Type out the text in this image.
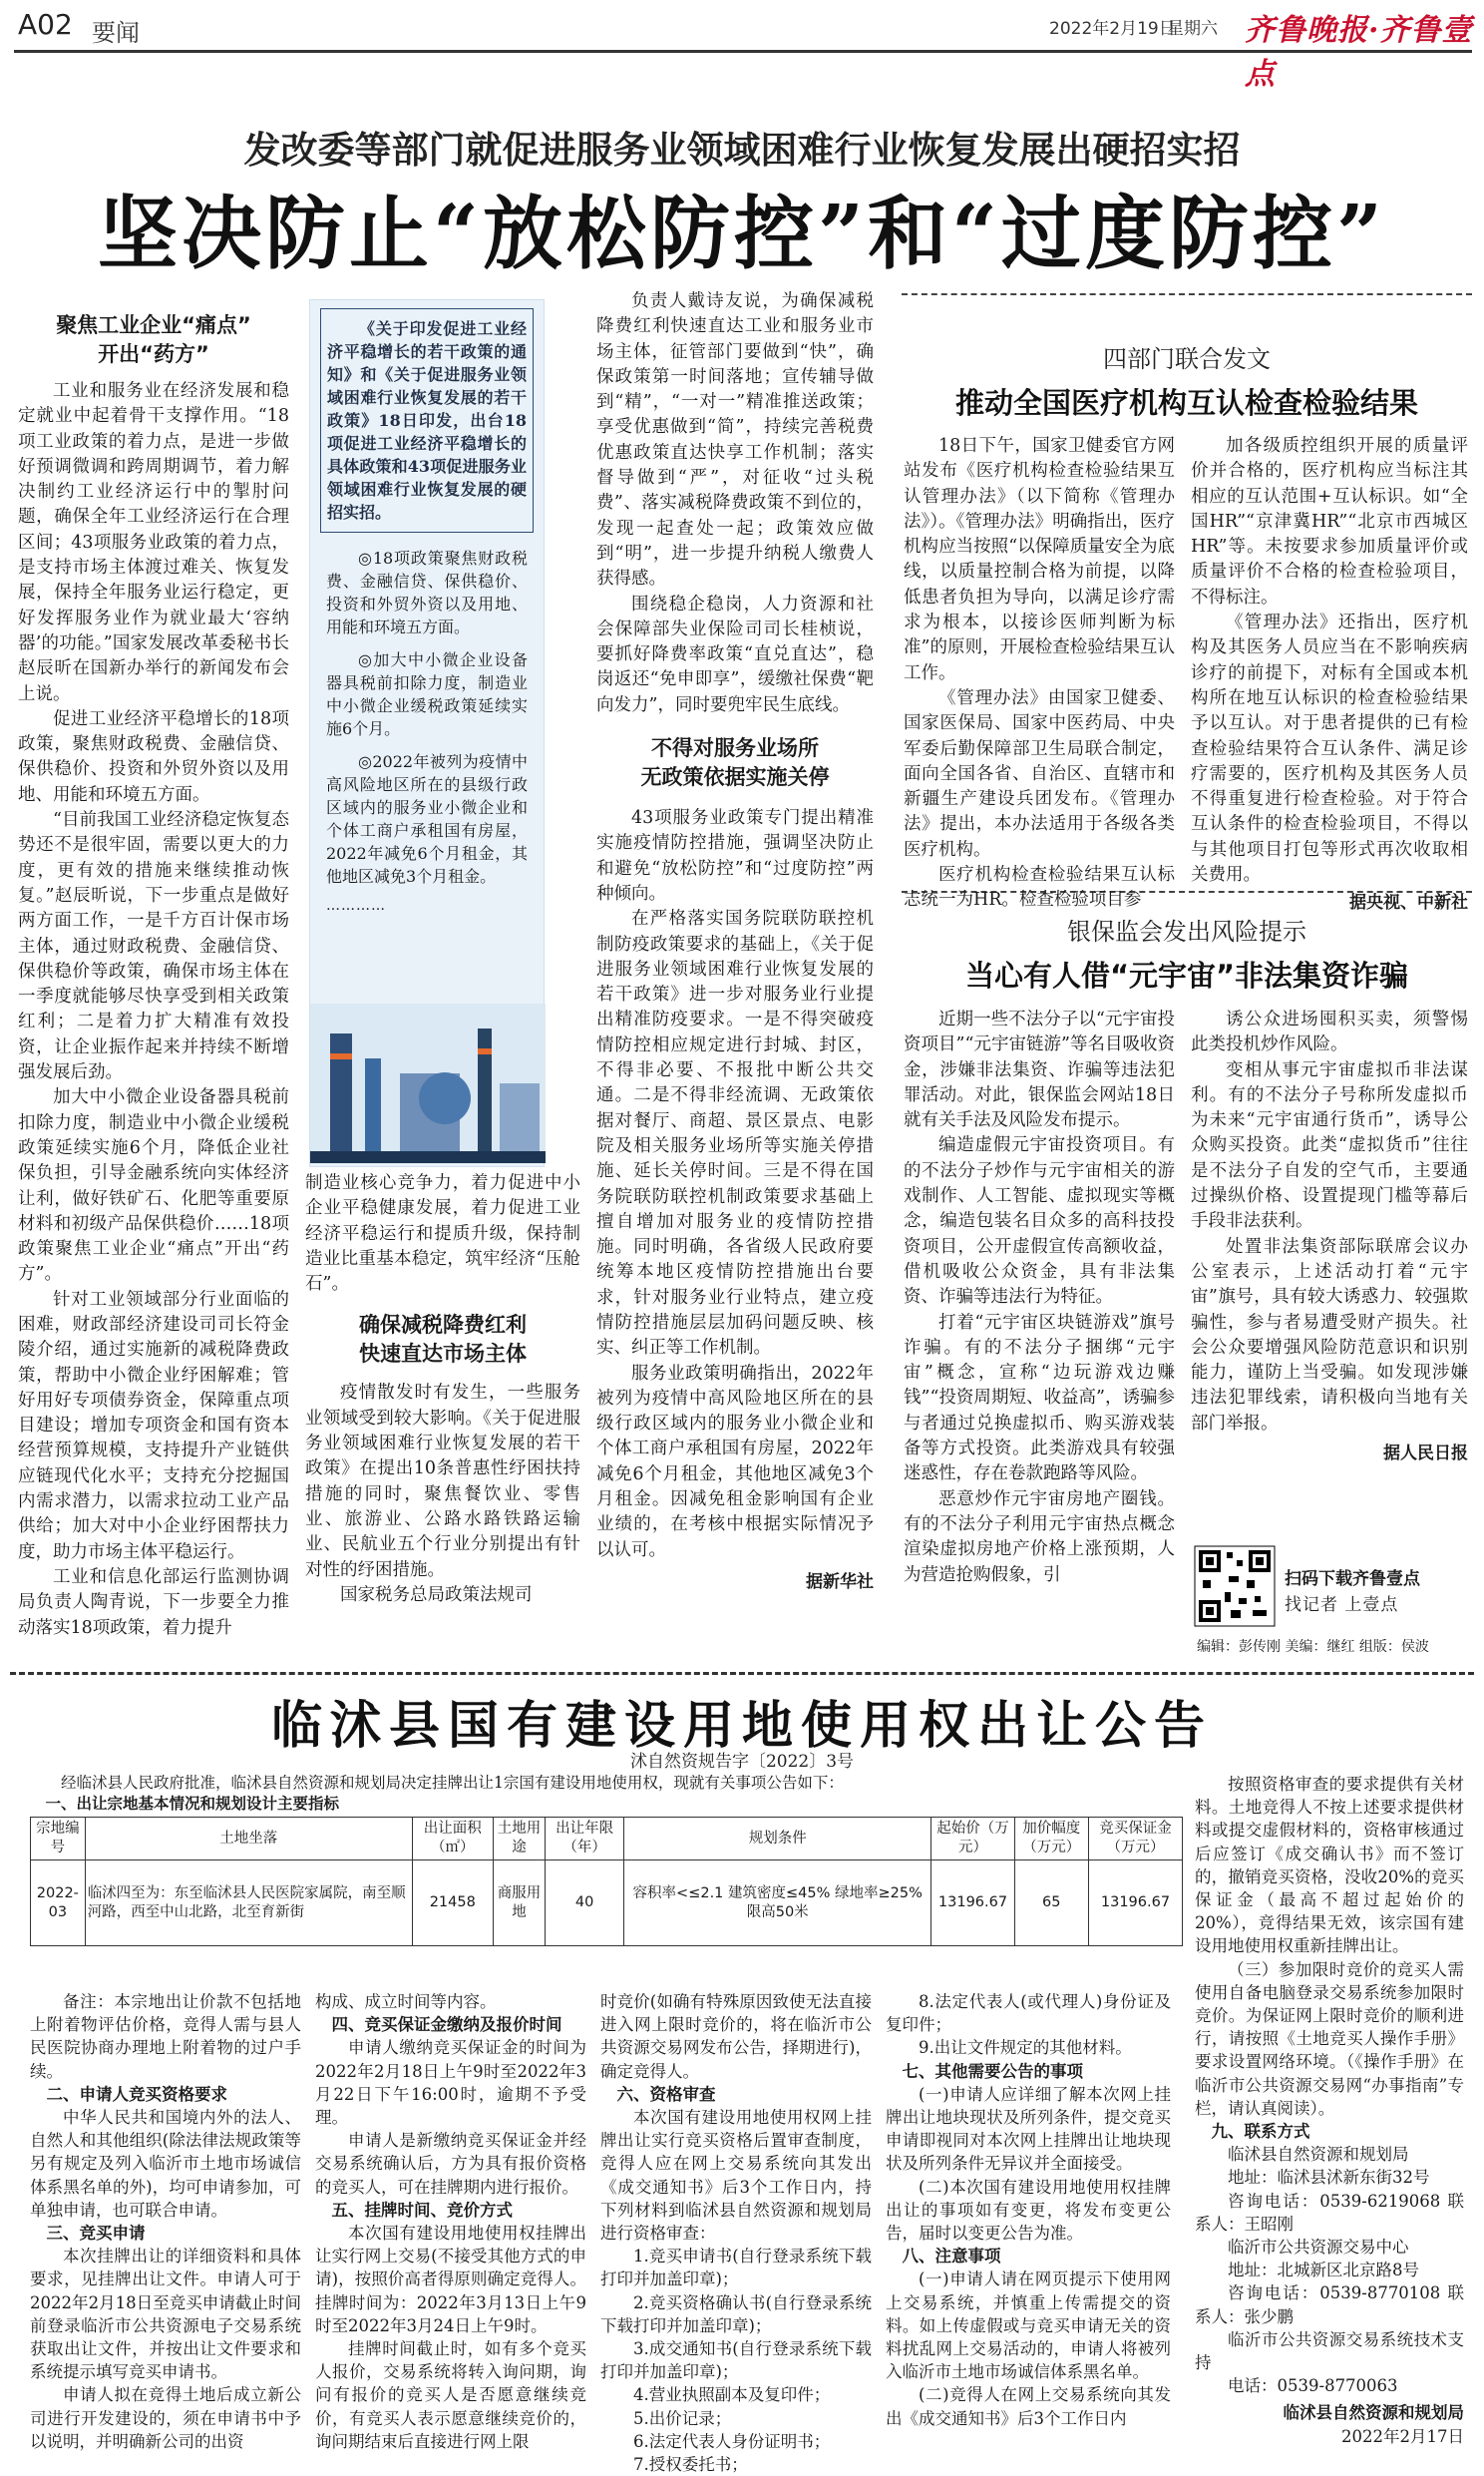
A02 要闻	2022年2月19日
星期六 齐鲁晚报·齐鲁壹点
发改委等部门就促进服务业领域困难行业恢复发展出硬招实招
坚决防止“放松防控”和“过度防控”
聚焦工业企业“痛点”
开出“药方”

工业和服务业在经济发展和稳定就业中起着骨干支撑作用。“18项工业政策的着力点，是进一步做好预调微调和跨周期调节，着力解决制约工业经济运行中的掣肘问题，确保全年工业经济运行在合理区间；43项服务业政策的着力点，是支持市场主体渡过难关、恢复发展，保持全年服务业运行稳定，更好发挥服务业作为就业最大‘容纳器’的功能。”国家发展改革委秘书长赵辰昕在国新办举行的新闻发布会上说。

促进工业经济平稳增长的18项政策，聚焦财政税费、金融信贷、保供稳价、投资和外贸外资以及用地、用能和环境五方面。

“目前我国工业经济稳定恢复态势还不是很牢固，需要以更大的力度，更有效的措施来继续推动恢复。”赵辰昕说，下一步重点是做好两方面工作，一是千方百计保市场主体，通过财政税费、金融信贷、保供稳价等政策，确保市场主体在一季度就能够尽快享受到相关政策红利；二是着力扩大精准有效投资，让企业振作起来并持续不断增强发展后劲。

加大中小微企业设备器具税前扣除力度，制造业中小微企业缓税政策延续实施6个月，降低企业社保负担，引导金融系统向实体经济让利，做好铁矿石、化肥等重要原材料和初级产品保供稳价……18项政策聚焦工业企业“痛点”开出“药方”。

针对工业领域部分行业面临的困难，财政部经济建设司司长符金陵介绍，通过实施新的减税降费政策，帮助中小微企业纾困解难；管好用好专项债券资金，保障重点项目建设；增加专项资金和国有资本经营预算规模，支持提升产业链供应链现代化水平；支持充分挖掘国内需求潜力，以需求拉动工业产品供给；加大对中小企业纾困帮扶力度，助力市场主体平稳运行。

工业和信息化部运行监测协调局负责人陶青说，下一步要全力推动落实18项政策，着力提升

《关于印发促进工业经济平稳增长的若干政策的通知》和《关于促进服务业领域困难行业恢复发展的若干政策》18日印发，出台18项促进工业经济平稳增长的具体政策和43项促进服务业领域困难行业恢复发展的硬招实招。

◎18项政策聚焦财政税费、金融信贷、保供稳价、投资和外贸外资以及用地、用能和环境五方面。

◎加大中小微企业设备器具税前扣除力度，制造业中小微企业缓税政策延续实施6个月。

◎2022年被列为疫情中高风险地区所在的县级行政区域内的服务业小微企业和个体工商户承租国有房屋，2022年减免6个月租金，其他地区减免3个月租金。

…………

制造业核心竞争力，着力促进中小企业平稳健康发展，着力促进工业经济平稳运行和提质升级，保持制造业比重基本稳定，筑牢经济“压舱石”。

确保减税降费红利
快速直达市场主体

疫情散发时有发生，一些服务业领域受到较大影响。《关于促进服务业领域困难行业恢复发展的若干政策》在提出10条普惠性纾困扶持措施的同时，聚焦餐饮业、零售业、旅游业、公路水路铁路运输业、民航业五个行业分别提出有针对性的纾困措施。

国家税务总局政策法规司

负责人戴诗友说，为确保减税降费红利快速直达工业和服务业市场主体，征管部门要做到“快”，确保政策第一时间落地；宣传辅导做到“精”，“一对一”精准推送政策；享受优惠做到“简”，持续完善税费优惠政策直达快享工作机制；落实督导做到“严”，对征收“过头税费”、落实减税降费政策不到位的，发现一起查处一起；政策效应做到“明”，进一步提升纳税人缴费人获得感。

围绕稳企稳岗，人力资源和社会保障部失业保险司司长桂桢说，要抓好降费率政策“直兑直达”，稳岗返还“免申即享”，缓缴社保费“靶向发力”，同时要兜牢民生底线。

不得对服务业场所
无政策依据实施关停

43项服务业政策专门提出精准实施疫情防控措施，强调坚决防止和避免“放松防控”和“过度防控”两种倾向。

在严格落实国务院联防联控机制防疫政策要求的基础上，《关于促进服务业领域困难行业恢复发展的若干政策》进一步对服务业行业提出精准防疫要求。一是不得突破疫情防控相应规定进行封城、封区，不得非必要、不报批中断公共交通。二是不得非经流调、无政策依据对餐厅、商超、景区景点、电影院及相关服务业场所等实施关停措施、延长关停时间。三是不得在国务院联防联控机制政策要求基础上擅自增加对服务业的疫情防控措施。同时明确，各省级人民政府要统筹本地区疫情防控措施出台要求，针对服务业行业特点，建立疫情防控措施层层加码问题反映、核实、纠正等工作机制。

服务业政策明确指出，2022年被列为疫情中高风险地区所在的县级行政区域内的服务业小微企业和个体工商户承租国有房屋，2022年减免6个月租金，其他地区减免3个月租金。因减免租金影响国有企业业绩的，在考核中根据实际情况予以认可。

据新华社
四部门联合发文
推动全国医疗机构互认检查检验结果

18日下午，国家卫健委官方网站发布《医疗机构检查检验结果互认管理办法》（以下简称《管理办法》）。《管理办法》明确指出，医疗机构应当按照“以保障质量安全为底线，以质量控制合格为前提，以降低患者负担为导向，以满足诊疗需求为根本，以接诊医师判断为标准”的原则，开展检查检验结果互认工作。

《管理办法》由国家卫健委、国家医保局、国家中医药局、中央军委后勤保障部卫生局联合制定，面向全国各省、自治区、直辖市和新疆生产建设兵团发布。《管理办法》提出，本办法适用于各级各类医疗机构。

医疗机构检查检验结果互认标志统一为HR。检查检验项目参

加各级质控组织开展的质量评价并合格的，医疗机构应当标注其相应的互认范围+互认标识。如“全国HR”“京津冀HR”“北京市西城区HR”等。未按要求参加质量评价或质量评价不合格的检查检验项目，不得标注。

《管理办法》还指出，医疗机构及其医务人员应当在不影响疾病诊疗的前提下，对标有全国或本机构所在地互认标识的检查检验结果予以互认。对于患者提供的已有检查检验结果符合互认条件、满足诊疗需要的，医疗机构及其医务人员不得重复进行检查检验。对于符合互认条件的检查检验项目，不得以与其他项目打包等形式再次收取相关费用。

据央视、中新社
银保监会发出风险提示
当心有人借“元宇宙”非法集资诈骗

近期一些不法分子以“元宇宙投资项目”“元宇宙链游”等名目吸收资金，涉嫌非法集资、诈骗等违法犯罪活动。对此，银保监会网站18日就有关手法及风险发布提示。

编造虚假元宇宙投资项目。有的不法分子炒作与元宇宙相关的游戏制作、人工智能、虚拟现实等概念，编造包装名目众多的高科技投资项目，公开虚假宣传高额收益，借机吸收公众资金，具有非法集资、诈骗等违法行为特征。

打着“元宇宙区块链游戏”旗号诈骗。有的不法分子捆绑“元宇宙”概念，宣称“边玩游戏边赚钱”“投资周期短、收益高”，诱骗参与者通过兑换虚拟币、购买游戏装备等方式投资。此类游戏具有较强迷惑性，存在卷款跑路等风险。

恶意炒作元宇宙房地产圈钱。有的不法分子利用元宇宙热点概念渲染虚拟房地产价格上涨预期，人为营造抢购假象，引

诱公众进场囤积买卖，须警惕此类投机炒作风险。

变相从事元宇宙虚拟币非法谋利。有的不法分子号称所发虚拟币为未来“元宇宙通行货币”，诱导公众购买投资。此类“虚拟货币”往往是不法分子自发的空气币，主要通过操纵价格、设置提现门槛等幕后手段非法获利。

处置非法集资部际联席会议办公室表示，上述活动打着“元宇宙”旗号，具有较大诱惑力、较强欺骗性，参与者易遭受财产损失。社会公众要增强风险防范意识和识别能力，谨防上当受骗。如发现涉嫌违法犯罪线索，请积极向当地有关部门举报。

据人民日报
扫码下载齐鲁壹点
找记者 上壹点
编辑：彭传刚 美编：继红 组版：侯波
临沭县国有建设用地使用权出让公告
沭自然资规告字〔2022〕3号

经临沭县人民政府批准，临沭县自然资源和规划局决定挂牌出让1宗国有建设用地使用权，现就有关事项公告如下：

一、出让宗地基本情况和规划设计主要指标

宗地编号	土地坐落	出让面积（㎡）	土地用途	出让年限（年）	规划条件	起始价（万元）	加价幅度（万元）	竞买保证金（万元）
2022-03	临沭四至为：东至临沭县人民医院家属院，南至顺河路，西至中山北路，北至育新街	21458	商服用地	40	容积率<≤2.1 建筑密度≤45% 绿地率≥25% 限高50米	13196.67	65	13196.67

备注：本宗地出让价款不包括地上附着物评估价格，竞得人需与县人民医院协商办理地上附着物的过户手续。

二、申请人竞买资格要求

中华人民共和国境内外的法人、自然人和其他组织(除法律法规政策等另有规定及列入临沂市土地市场诚信体系黑名单的外)，均可申请参加，可单独申请，也可联合申请。

三、竞买申请

本次挂牌出让的详细资料和具体要求，见挂牌出让文件。申请人可于2022年2月18日至竞买申请截止时间前登录临沂市公共资源电子交易系统获取出让文件，并按出让文件要求和系统提示填写竞买申请书。

申请人拟在竞得土地后成立新公司进行开发建设的，须在申请书中予以说明，并明确新公司的出资

构成、成立时间等内容。

四、竞买保证金缴纳及报价时间

申请人缴纳竞买保证金的时间为2022年2月18日上午9时至2022年3月22日下午16:00时，逾期不予受理。

申请人是新缴纳竞买保证金并经交易系统确认后，方为具有报价资格的竞买人，可在挂牌期内进行报价。

五、挂牌时间、竞价方式

本次国有建设用地使用权挂牌出让实行网上交易(不接受其他方式的申请)，按照价高者得原则确定竞得人。挂牌时间为：2022年3月13日上午9时至2022年3月24日上午9时。

挂牌时间截止时，如有多个竞买人报价，交易系统将转入询问期，询问有报价的竞买人是否愿意继续竞价，有竞买人表示愿意继续竞价的，询问期结束后直接进行网上限

时竞价(如确有特殊原因致使无法直接进入网上限时竞价的，将在临沂市公共资源交易网发布公告，择期进行)，确定竞得人。

六、资格审查

本次国有建设用地使用权网上挂牌出让实行竞买资格后置审查制度，竞得人应在网上交易系统向其发出《成交通知书》后3个工作日内，持下列材料到临沭县自然资源和规划局进行资格审查：

1.竞买申请书(自行登录系统下载打印并加盖印章)；

2.竞买资格确认书(自行登录系统下载打印并加盖印章)；

3.成交通知书(自行登录系统下载打印并加盖印章)；

4.营业执照副本及复印件；

5.出价记录；

6.法定代表人身份证明书；

7.授权委托书；

8.法定代表人(或代理人)身份证及复印件；

9.出让文件规定的其他材料。

七、其他需要公告的事项

(一)申请人应详细了解本次网上挂牌出让地块现状及所列条件，提交竞买申请即视同对本次网上挂牌出让地块现状及所列条件无异议并全面接受。

(二)本次国有建设用地使用权挂牌出让的事项如有变更，将发布变更公告，届时以变更公告为准。

八、注意事项

(一)申请人请在网页提示下使用网上交易系统，并慎重上传需提交的资料。如上传虚假或与竞买申请无关的资料扰乱网上交易活动的，申请人将被列入临沂市土地市场诚信体系黑名单。

(二)竞得人在网上交易系统向其发出《成交通知书》后3个工作日内

按照资格审查的要求提供有关材料。土地竞得人不按上述要求提供材料或提交虚假材料的，资格审核通过后应签订《成交确认书》而不签订的，撤销竞买资格，没收20%的竞买保证金（最高不超过起始价的20%），竞得结果无效，该宗国有建设用地使用权重新挂牌出让。

（三）参加限时竞价的竞买人需使用自备电脑登录交易系统参加限时竞价。为保证网上限时竞价的顺利进行，请按照《土地竞买人操作手册》要求设置网络环境。（《操作手册》在临沂市公共资源交易网“办事指南”专栏，请认真阅读）。

九、联系方式

临沭县自然资源和规划局

地址：临沭县沭新东街32号

咨询电话：0539-6219068 联系人：王昭刚

临沂市公共资源交易中心

地址：北城新区北京路8号

咨询电话：0539-8770108 联系人：张少鹏

临沂市公共资源交易系统技术支持

电话：0539-8770063

临沭县自然资源和规划局

2022年2月17日
